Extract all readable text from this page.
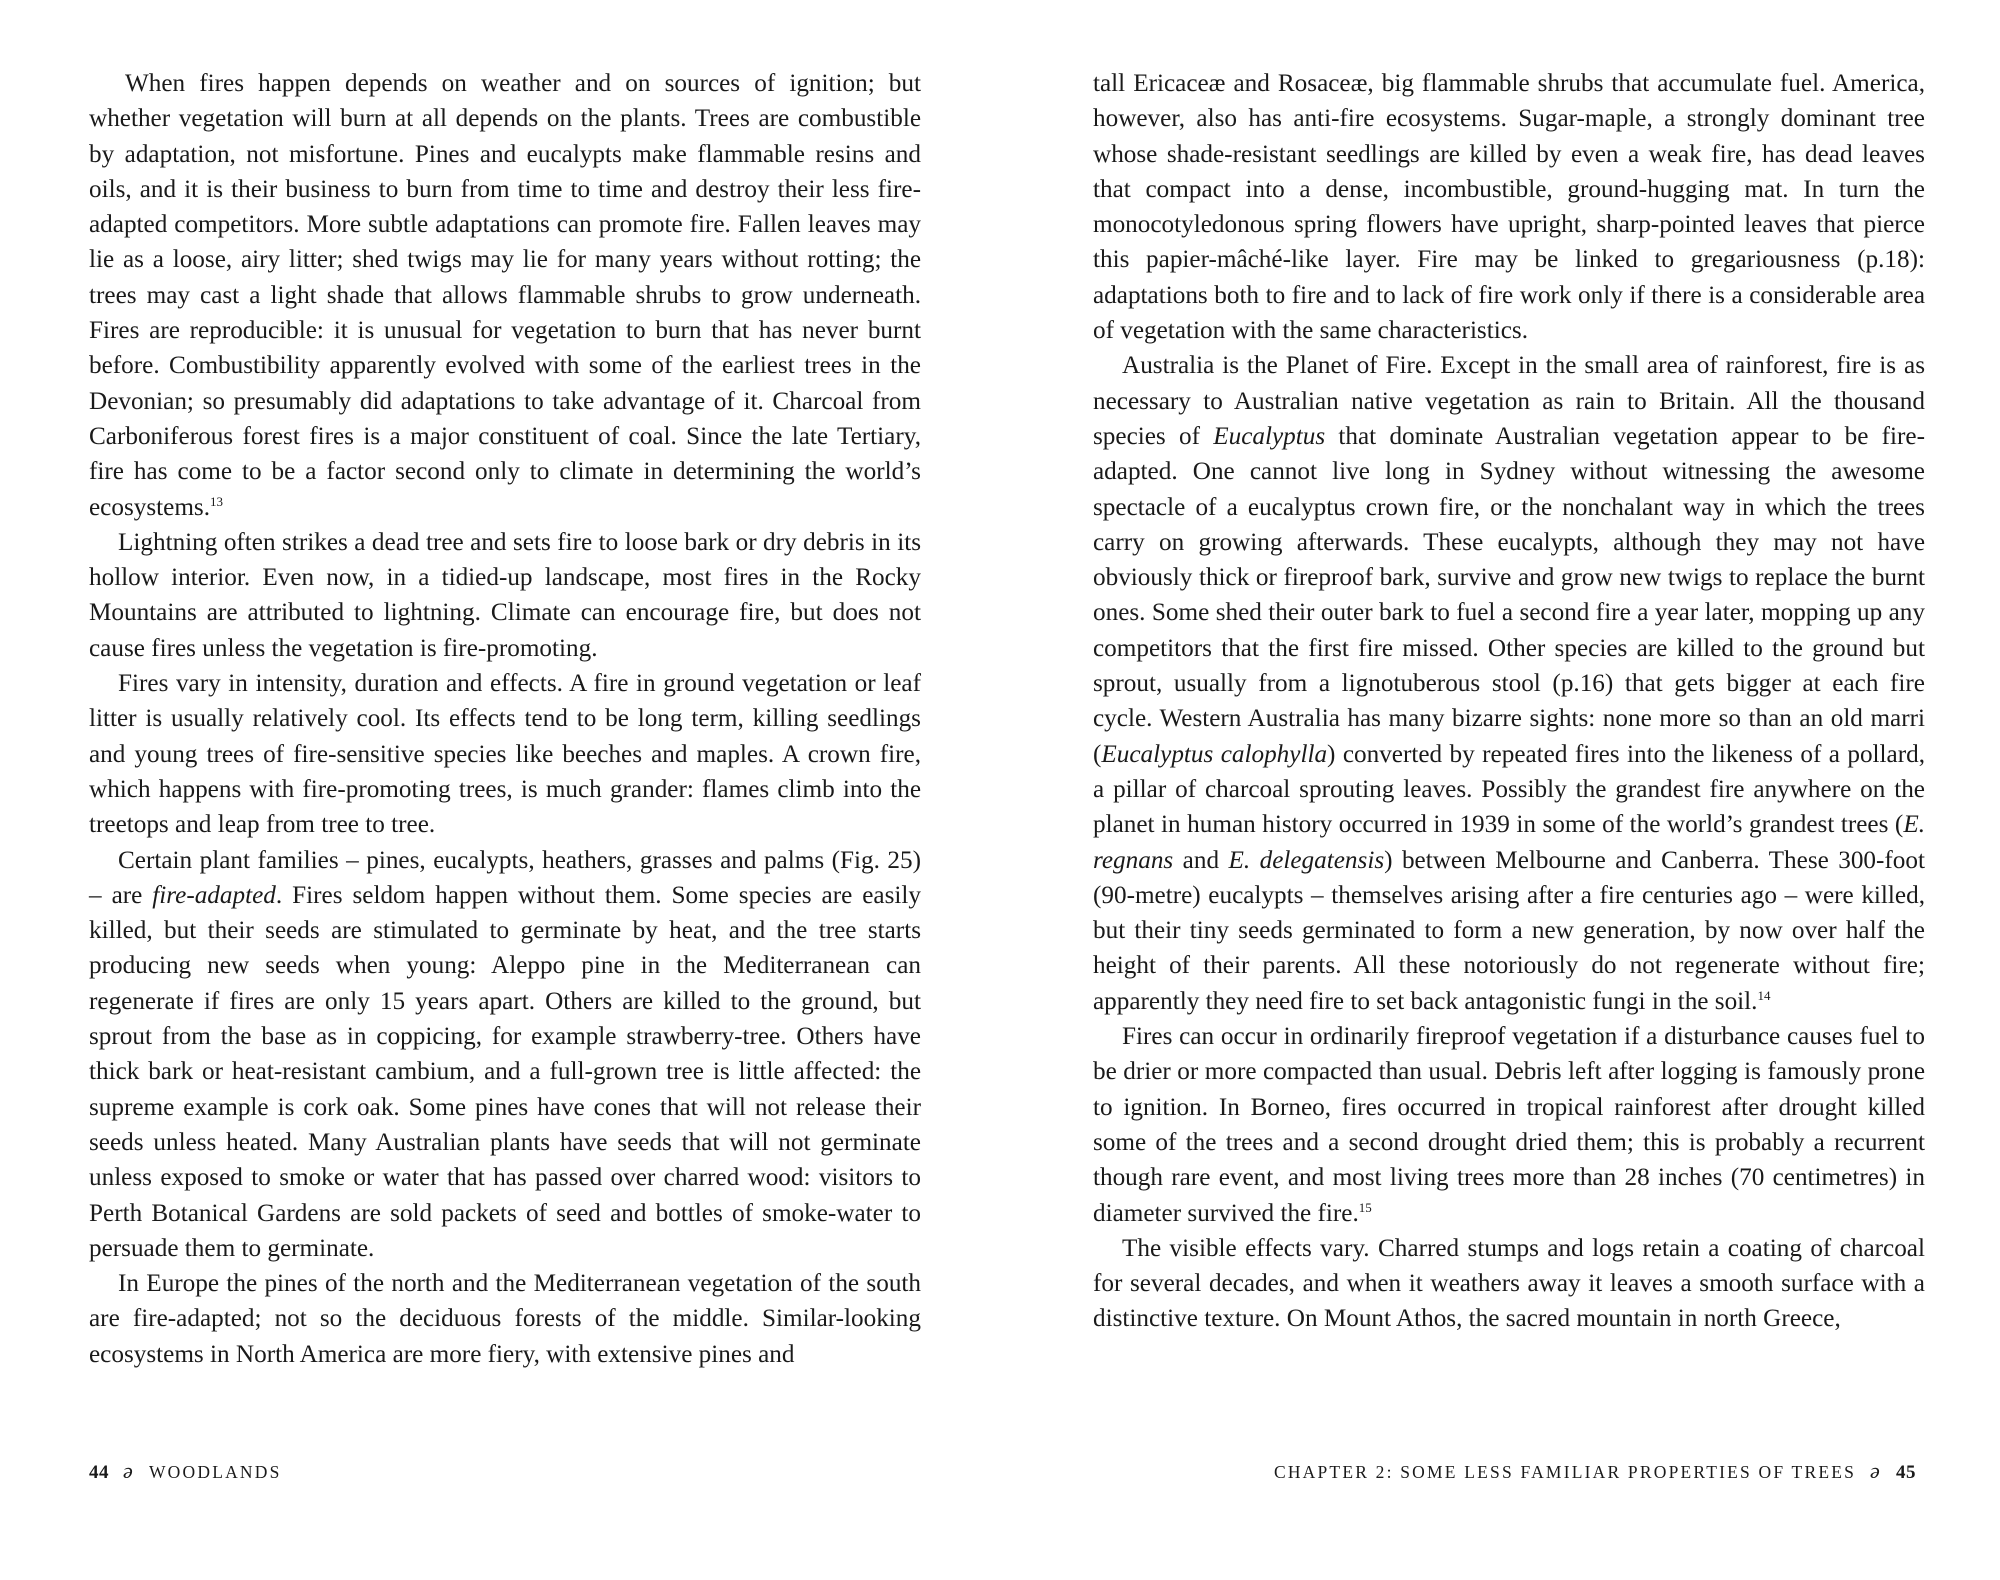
When fires happen depends on weather and on sources of ignition; but whether vegetation will burn at all depends on the plants. Trees are combustible by adaptation, not misfortune. Pines and eucalypts make flammable resins and oils, and it is their business to burn from time to time and destroy their less fire-adapted competitors. More subtle adaptations can promote fire. Fallen leaves may lie as a loose, airy litter; shed twigs may lie for many years without rotting; the trees may cast a light shade that allows flammable shrubs to grow underneath. Fires are reproducible: it is unusual for vegetation to burn that has never burnt before. Combustibility apparently evolved with some of the earliest trees in the Devonian; so presumably did adaptations to take advantage of it. Charcoal from Carboniferous forest fires is a major constituent of coal. Since the late Tertiary, fire has come to be a factor second only to climate in determining the world’s ecosystems.$^{13}$

Lightning often strikes a dead tree and sets fire to loose bark or dry debris in its hollow interior. Even now, in a tidied-up landscape, most fires in the Rocky Mountains are attributed to lightning. Climate can encourage fire, but does not cause fires unless the vegetation is fire-promoting.

Fires vary in intensity, duration and effects. A fire in ground vegetation or leaf litter is usually relatively cool. Its effects tend to be long term, killing seedlings and young trees of fire-sensitive species like beeches and maples. A crown fire, which happens with fire-promoting trees, is much grander: flames climb into the treetops and leap from tree to tree.

Certain plant families – pines, eucalypts, heathers, grasses and palms (Fig. 25) – are fire-adapted. Fires seldom happen without them. Some species are easily killed, but their seeds are stimulated to germinate by heat, and the tree starts producing new seeds when young: Aleppo pine in the Mediterranean can regenerate if fires are only 15 years apart. Others are killed to the ground, but sprout from the base as in coppicing, for example strawberry-tree. Others have thick bark or heat-resistant cambium, and a full-grown tree is little affected: the supreme example is cork oak. Some pines have cones that will not release their seeds unless heated. Many Australian plants have seeds that will not germinate unless exposed to smoke or water that has passed over charred wood: visitors to Perth Botanical Gardens are sold packets of seed and bottles of smoke-water to persuade them to germinate.

In Europe the pines of the north and the Mediterranean vegetation of the south are fire-adapted; not so the deciduous forests of the middle. Similar-looking ecosystems in North America are more fiery, with extensive pines and

tall Ericaceæ and Rosaceæ, big flammable shrubs that accumulate fuel. America, however, also has anti-fire ecosystems. Sugar-maple, a strongly dominant tree whose shade-resistant seedlings are killed by even a weak fire, has dead leaves that compact into a dense, incombustible, ground-hugging mat. In turn the monocotyledonous spring flowers have upright, sharp-pointed leaves that pierce this papier-mâché-like layer. Fire may be linked to gregariousness (p.18): adaptations both to fire and to lack of fire work only if there is a considerable area of vegetation with the same characteristics.

Australia is the Planet of Fire. Except in the small area of rainforest, fire is as necessary to Australian native vegetation as rain to Britain. All the thousand species of Eucalyptus that dominate Australian vegetation appear to be fire-adapted. One cannot live long in Sydney without witnessing the awesome spectacle of a eucalyptus crown fire, or the nonchalant way in which the trees carry on growing afterwards. These eucalypts, although they may not have obviously thick or fireproof bark, survive and grow new twigs to replace the burnt ones. Some shed their outer bark to fuel a second fire a year later, mopping up any competitors that the first fire missed. Other species are killed to the ground but sprout, usually from a lignotuberous stool (p.16) that gets bigger at each fire cycle. Western Australia has many bizarre sights: none more so than an old marri (Eucalyptus calophylla) converted by repeated fires into the likeness of a pollard, a pillar of charcoal sprouting leaves. Possibly the grandest fire anywhere on the planet in human history occurred in 1939 in some of the world’s grandest trees (E. regnans and E. delegatensis) between Melbourne and Canberra. These 300-foot (90-metre) eucalypts – themselves arising after a fire centuries ago – were killed, but their tiny seeds germinated to form a new generation, by now over half the height of their parents. All these notoriously do not regenerate without fire; apparently they need fire to set back antagonistic fungi in the soil.$^{14}$

Fires can occur in ordinarily fireproof vegetation if a disturbance causes fuel to be drier or more compacted than usual. Debris left after logging is famously prone to ignition. In Borneo, fires occurred in tropical rainforest after drought killed some of the trees and a second drought dried them; this is probably a recurrent though rare event, and most living trees more than 28 inches (70 centimetres) in diameter survived the fire.$^{15}$

The visible effects vary. Charred stumps and logs retain a coating of charcoal for several decades, and when it weathers away it leaves a smooth surface with a distinctive texture. On Mount Athos, the sacred mountain in north Greece,

44 ə WOODLANDS	CHAPTER 2: SOME LESS FAMILIAR PROPERTIES OF TREES ə 45
